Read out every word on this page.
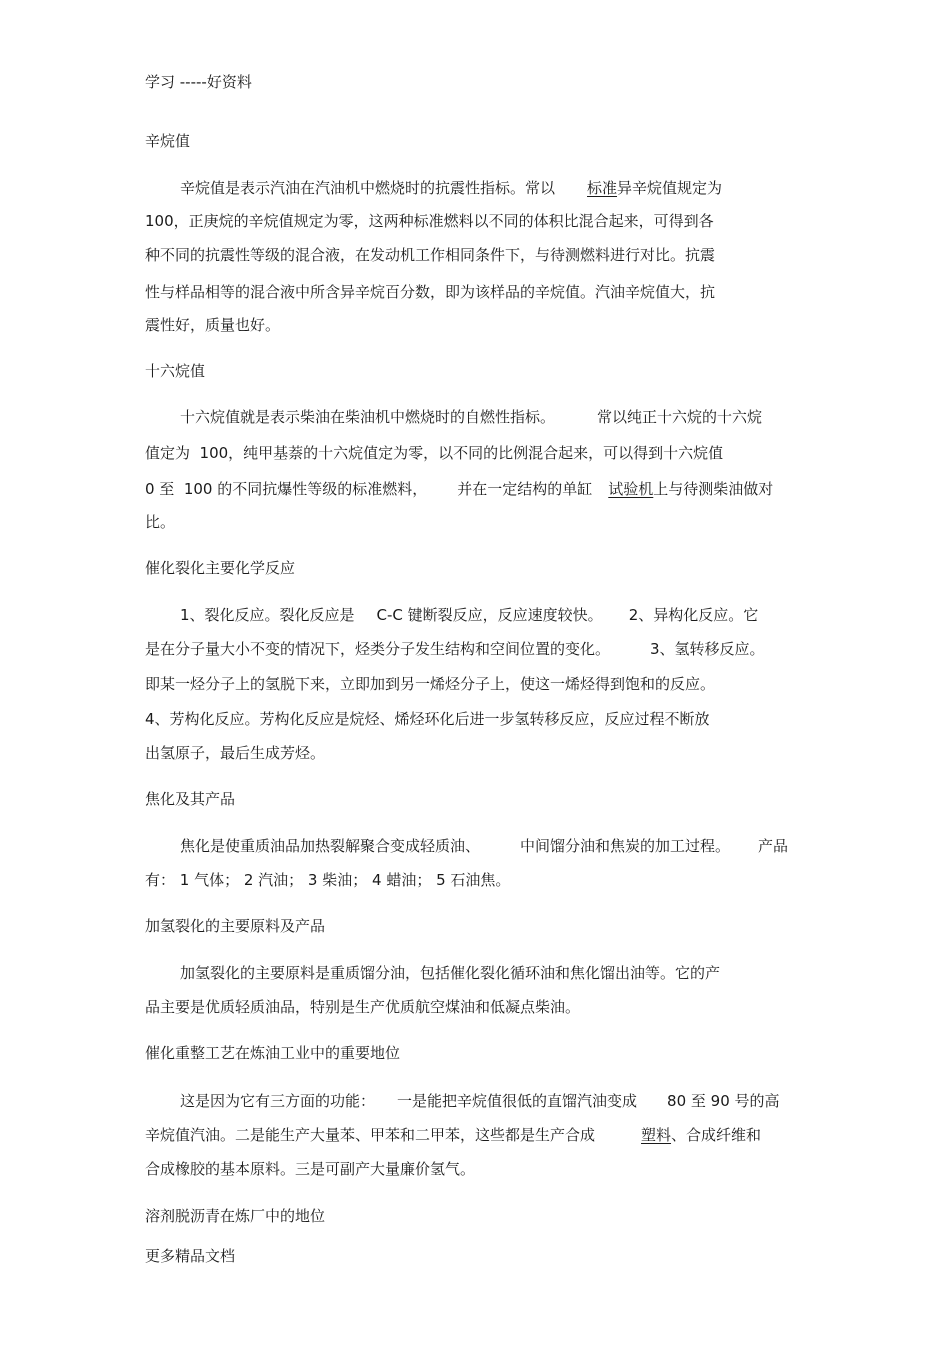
学习 -----好资料
辛烷值
辛烷值是表示汽油在汽油机中燃烧时的抗震性指标。常以 标准异辛烷值规定为
100，正庚烷的辛烷值规定为零，这两种标准燃料以不同的体积比混合起来，可得到各
种不同的抗震性等级的混合液，在发动机工作相同条件下，与待测燃料进行对比。抗震
性与样品相等的混合液中所含异辛烷百分数，即为该样品的辛烷值。汽油辛烷值大，抗
震性好，质量也好。
十六烷值
十六烷值就是表示柴油在柴油机中燃烧时的自燃性指标。	常以纯正十六烷的十六烷
值定为  100，纯甲基萘的十六烷值定为零，以不同的比例混合起来，可以得到十六烷值
0 至  100 的不同抗爆性等级的标准燃料， 并在一定结构的单缸 试验机上与待测柴油做对
比。
催化裂化主要化学反应
1、裂化反应。裂化反应是 C-C 键断裂反应，反应速度较快。 2、异构化反应。它
是在分子量大小不变的情况下，烃类分子发生结构和空间位置的变化。	3、氢转移反应。
即某一烃分子上的氢脱下来，立即加到另一烯烃分子上，使这一烯烃得到饱和的反应。
4、芳构化反应。芳构化反应是烷烃、烯烃环化后进一步氢转移反应，反应过程不断放
出氢原子，最后生成芳烃。
焦化及其产品
焦化是使重质油品加热裂解聚合变成轻质油、	中间馏分油和焦炭的加工过程。 产品
有： 1 气体； 2 汽油； 3 柴油； 4 蜡油； 5 石油焦。
加氢裂化的主要原料及产品
加氢裂化的主要原料是重质馏分油，包括催化裂化循环油和焦化馏出油等。它的产
品主要是优质轻质油品，特别是生产优质航空煤油和低凝点柴油。
催化重整工艺在炼油工业中的重要地位
这是因为它有三方面的功能： 一是能把辛烷值很低的直馏汽油变成 80 至 90 号的高
辛烷值汽油。二是能生产大量苯、甲苯和二甲苯，这些都是生产合成	塑料、合成纤维和
合成橡胶的基本原料。三是可副产大量廉价氢气。
溶剂脱沥青在炼厂中的地位
更多精品文档
